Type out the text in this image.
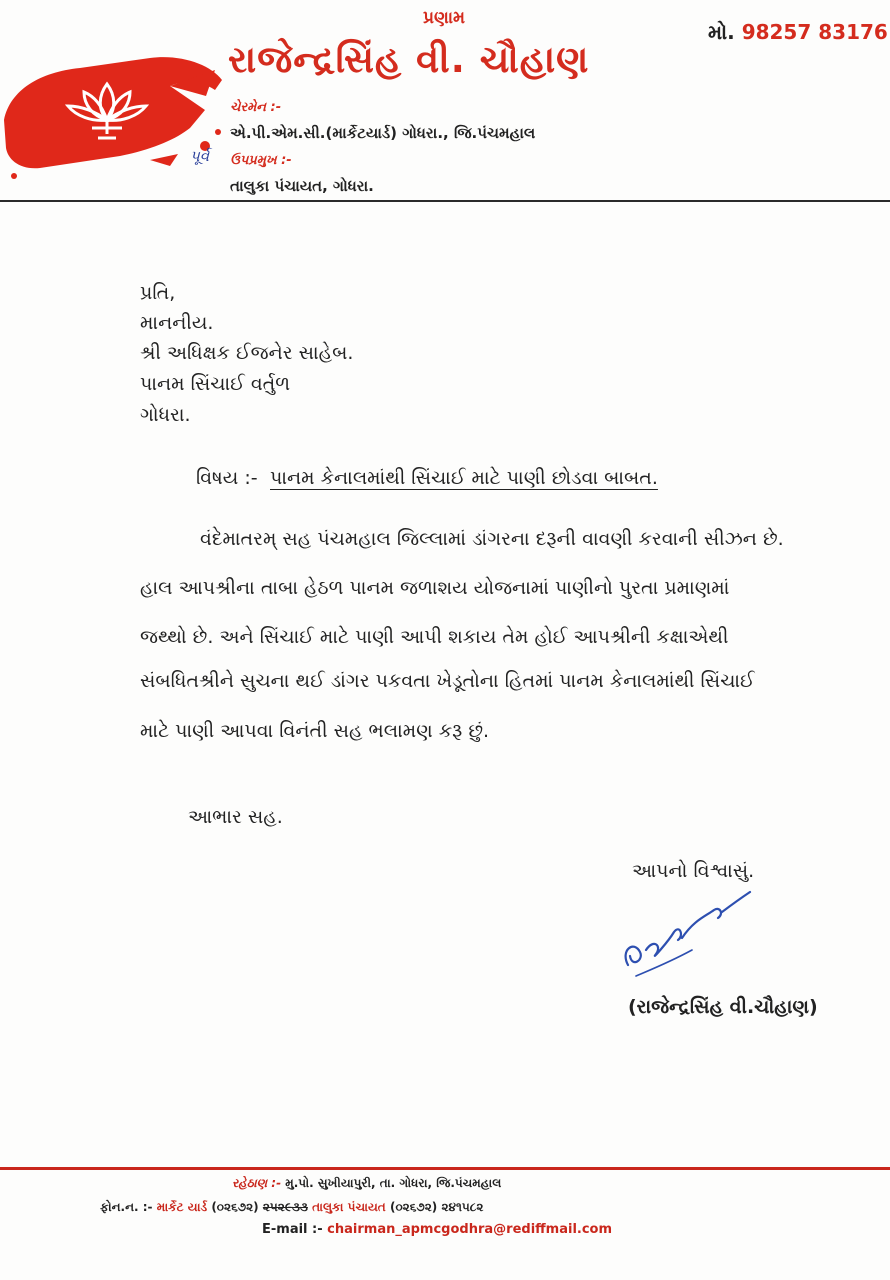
પ્રણામ
રાજેન્દ્રસિંહ વી. ચૌહાણ
મો. 98257 83176
ચેરમેન :-
એ.પી.એમ.સી.(માર્કેટયાર્ડ) ગોધરા., જિ.પંચમહાલ
પૂર્વ ઉપપ્રમુખ :-
તાલુકા પંચાયત, ગોધરા.
પ્રતિ,
માનનીય.
શ્રી અધિક્ષક ઈજનેર સાહેબ.
પાનમ સિંચાઈ વર્તુળ
ગોધરા.
વિષય :- પાનમ કેનાલમાંથી સિંચાઈ માટે પાણી છોડવા બાબત.
વંદેમાતરમ્ સહ પંચમહાલ જિલ્લામાં ડાંગરના દરૂની વાવણી કરવાની સીઝન છે.
હાલ આપશ્રીના તાબા હેઠળ પાનમ જળાશય યોજનામાં પાણીનો પુરતા પ્રમાણમાં
જથ્થો છે. અને સિંચાઈ માટે પાણી આપી શકાય તેમ હોઈ આપશ્રીની કક્ષાએથી
સંબધિતશ્રીને સુચના થઈ ડાંગર પકવતા ખેડૂતોના હિતમાં પાનમ કેનાલમાંથી સિંચાઈ
માટે પાણી આપવા વિનંતી સહ ભલામણ કરૂ છું.
આભાર સહ.
આપનો વિશ્વાસું.
(રાજેન્દ્રસિંહ વી.ચૌહાણ)
રહેઠાણ :- મુ.પો. સુખીયાપુરી, તા. ગોધરા, જિ.પંચમહાલ
ફોન.ન. :- માર્કેટ યાર્ડ (૦૨૬૭૨) ૨૫૨૯૩૩ તાલુકા પંચાયત (૦૨૬૭૨) ૨૪૧૫૮૨
E-mail :- chairman_apmcgodhra@rediffmail.com
